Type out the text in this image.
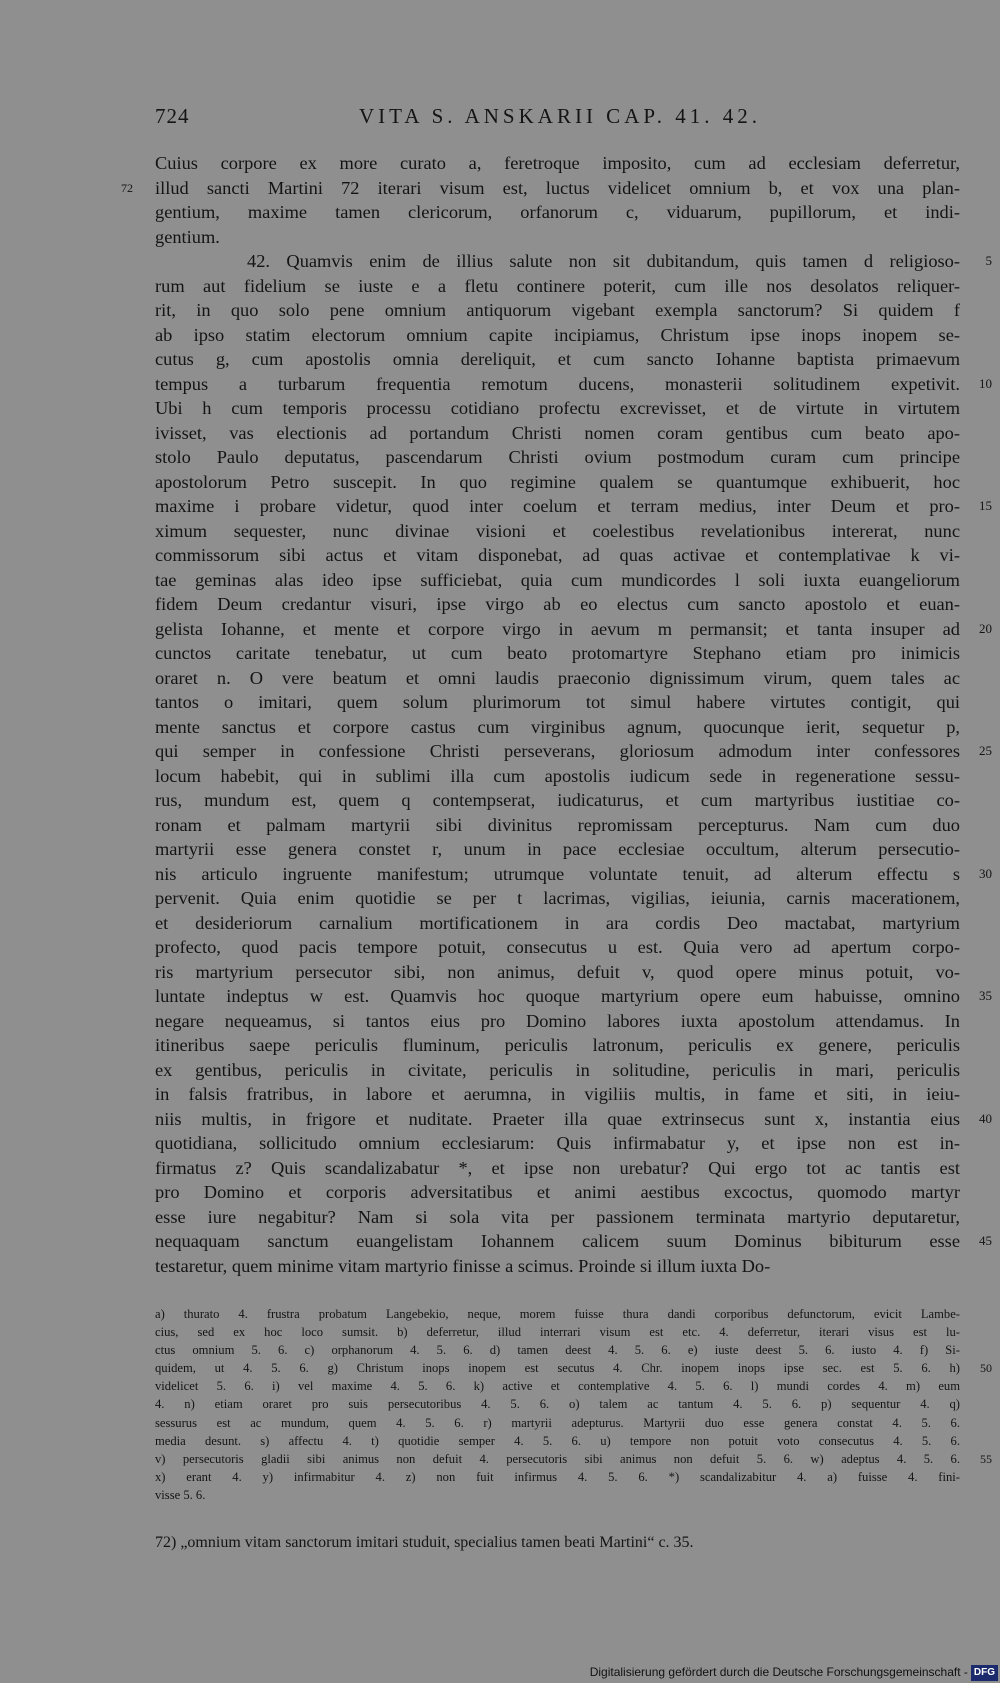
724	VITA S. ANSKARII CAP. 41. 42.
Cuius corpore ex more curato a, feretroque imposito, cum ad ecclesiam deferretur,
illud sancti Martini 72 iterari visum est, luctus videlicet omnium b, et vox una plan-
72
gentium, maxime tamen clericorum, orfanorum c, viduarum, pupillorum, et indi-
gentium.
42. Quamvis enim de illius salute non sit dubitandum, quis tamen d religioso- 5
rum aut fidelium se iuste e a fletu continere poterit, cum ille nos desolatos reliquer-
rit, in quo solo pene omnium antiquorum vigebant exempla sanctorum? Si quidem f
ab ipso statim electorum omnium capite incipiamus, Christum ipse inops inopem se-
cutus g, cum apostolis omnia dereliquit, et cum sancto Iohanne baptista primaevum
tempus a turbarum frequentia remotum ducens, monasterii solitudinem expetivit. 10
Ubi h cum temporis processu cotidiano profectu excrevisset, et de virtute in virtutem
ivisset, vas electionis ad portandum Christi nomen coram gentibus cum beato apo-
stolo Paulo deputatus, pascendarum Christi ovium postmodum curam cum principe
apostolorum Petro suscepit. In quo regimine qualem se quantumque exhibuerit, hoc
maxime i probare videtur, quod inter coelum et terram medius, inter Deum et pro- 15
ximum sequester, nunc divinae visioni et coelestibus revelationibus intererat, nunc
commissorum sibi actus et vitam disponebat, ad quas activae et contemplativae k vi-
tae geminas alas ideo ipse sufficiebat, quia cum mundicordes l soli iuxta euangeliorum
fidem Deum credantur visuri, ipse virgo ab eo electus cum sancto apostolo et euan-
gelista Iohanne, et mente et corpore virgo in aevum m permansit; et tanta insuper ad 20
cunctos caritate tenebatur, ut cum beato protomartyre Stephano etiam pro inimicis
oraret n. O vere beatum et omni laudis praeconio dignissimum virum, quem tales ac
tantos o imitari, quem solum plurimorum tot simul habere virtutes contigit, qui
mente sanctus et corpore castus cum virginibus agnum, quocunque ierit, sequetur p,
qui semper in confessione Christi perseverans, gloriosum admodum inter confessores 25
locum habebit, qui in sublimi illa cum apostolis iudicum sede in regeneratione sessu-
rus, mundum est, quem q contempserat, iudicaturus, et cum martyribus iustitiae co-
ronam et palmam martyrii sibi divinitus repromissam percepturus. Nam cum duo
martyrii esse genera constet r, unum in pace ecclesiae occultum, alterum persecutio-
nis articulo ingruente manifestum; utrumque voluntate tenuit, ad alterum effectu s 30
pervenit. Quia enim quotidie se per t lacrimas, vigilias, ieiunia, carnis macerationem,
et desideriorum carnalium mortificationem in ara cordis Deo mactabat, martyrium
profecto, quod pacis tempore potuit, consecutus u est. Quia vero ad apertum corpo-
ris martyrium persecutor sibi, non animus, defuit v, quod opere minus potuit, vo-
luntate indeptus w est. Quamvis hoc quoque martyrium opere eum habuisse, omnino 35
negare nequeamus, si tantos eius pro Domino labores iuxta apostolum attendamus. In
itineribus saepe periculis fluminum, periculis latronum, periculis ex genere, periculis
ex gentibus, periculis in civitate, periculis in solitudine, periculis in mari, periculis
in falsis fratribus, in labore et aerumna, in vigiliis multis, in fame et siti, in ieiu-
niis multis, in frigore et nuditate. Praeter illa quae extrinsecus sunt x, instantia eius 40
quotidiana, sollicitudo omnium ecclesiarum: Quis infirmabatur y, et ipse non est in-
firmatus z? Quis scandalizabatur *, et ipse non urebatur? Qui ergo tot ac tantis est
pro Domino et corporis adversitatibus et animi aestibus excoctus, quomodo martyr
esse iure negabitur? Nam si sola vita per passionem terminata martyrio deputaretur,
nequaquam sanctum euangelistam Iohannem calicem suum Dominus bibiturum esse 45
testaretur, quem minime vitam martyrio finisse a scimus. Proinde si illum iuxta Do-
a) thurato 4. frustra probatum Langebekio, neque, morem fuisse thura dandi corporibus defunctorum, evicit Lambe-
cius, sed ex hoc loco sumsit. b) deferretur, illud interrari visum est etc. 4. deferretur, iterari visus est lu-
ctus omnium 5. 6. c) orphanorum 4. 5. 6. d) tamen deest 4. 5. 6. e) iuste deest 5. 6. iusto 4. f) Si-
quidem, ut 4. 5. 6. g) Christum inops inopem est secutus 4. Chr. inopem inops ipse sec. est 5. 6. h) 50
videlicet 5. 6. i) vel maxime 4. 5. 6. k) active et contemplative 4. 5. 6. l) mundi cordes 4. m) eum
4. n) etiam oraret pro suis persecutoribus 4. 5. 6. o) talem ac tantum 4. 5. 6. p) sequentur 4. q)
sessurus est ac mundum, quem 4. 5. 6. r) martyrii adepturus. Martyrii duo esse genera constat 4. 5. 6.
media desunt. s) affectu 4. t) quotidie semper 4. 5. 6. u) tempore non potuit voto consecutus 4. 5. 6.
v) persecutoris gladii sibi animus non defuit 4. persecutoris sibi animus non defuit 5. 6. w) adeptus 4. 5. 6. 55
x) erant 4. y) infirmabitur 4. z) non fuit infirmus 4. 5. 6. *) scandalizabitur 4. a) fuisse 4. fini-
visse 5. 6.
72) „omnium vitam sanctorum imitari studuit, specialius tamen beati Martini“ c. 35.
Digitalisierung gefördert durch die Deutsche Forschungsgemeinschaft - DFG
